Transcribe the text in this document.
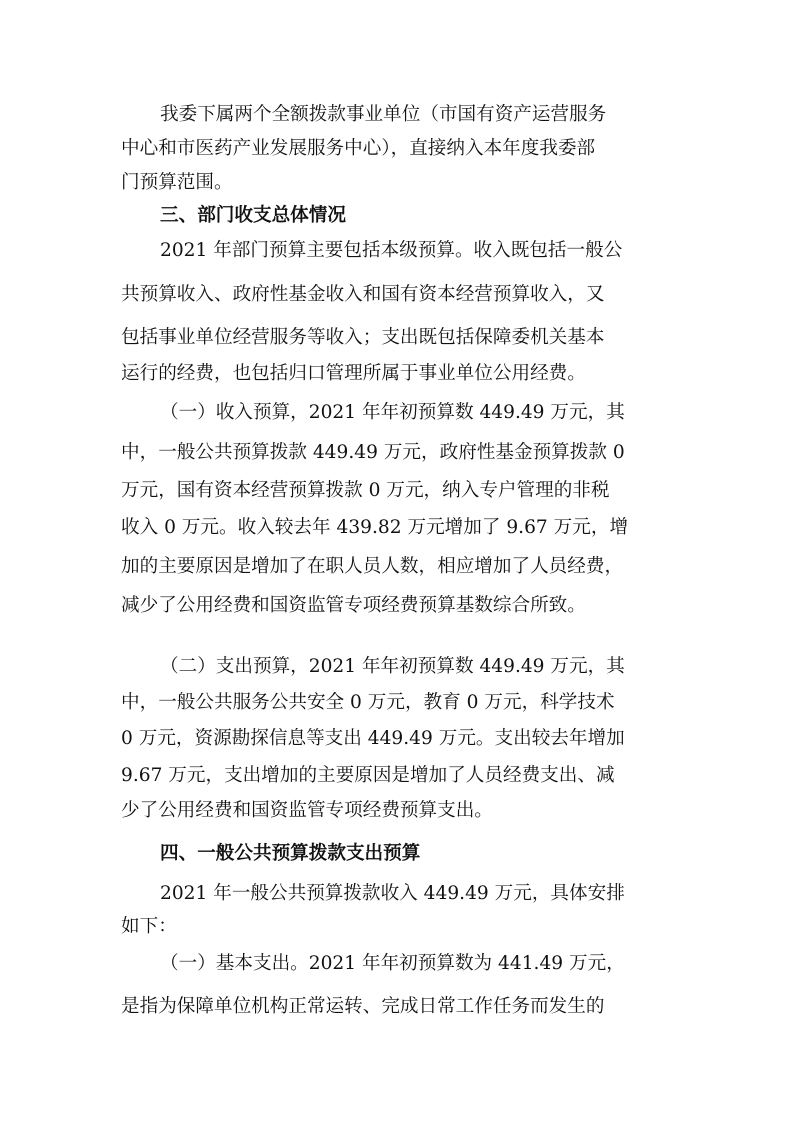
我委下属两个全额拨款事业单位（市国有资产运营服务
中心和市医药产业发展服务中心），直接纳入本年度我委部
门预算范围。
三、部门收支总体情况
2021 年部门预算主要包括本级预算。收入既包括一般公
共预算收入、政府性基金收入和国有资本经营预算收入，又
包括事业单位经营服务等收入；支出既包括保障委机关基本
运行的经费，也包括归口管理所属于事业单位公用经费。
（一）收入预算，2021 年年初预算数 449.49 万元，其
中，一般公共预算拨款 449.49 万元，政府性基金预算拨款 0
万元，国有资本经营预算拨款 0 万元，纳入专户管理的非税
收入 0 万元。收入较去年 439.82 万元增加了 9.67 万元，增
加的主要原因是增加了在职人员人数，相应增加了人员经费，
减少了公用经费和国资监管专项经费预算基数综合所致。
（二）支出预算，2021 年年初预算数 449.49 万元，其
中，一般公共服务公共安全 0 万元，教育 0 万元，科学技术
0 万元，资源勘探信息等支出 449.49 万元。支出较去年增加
9.67 万元，支出增加的主要原因是增加了人员经费支出、减
少了公用经费和国资监管专项经费预算支出。
四、一般公共预算拨款支出预算
2021 年一般公共预算拨款收入 449.49 万元，具体安排
如下：
（一）基本支出。2021 年年初预算数为 441.49 万元，
是指为保障单位机构正常运转、完成日常工作任务而发生的
